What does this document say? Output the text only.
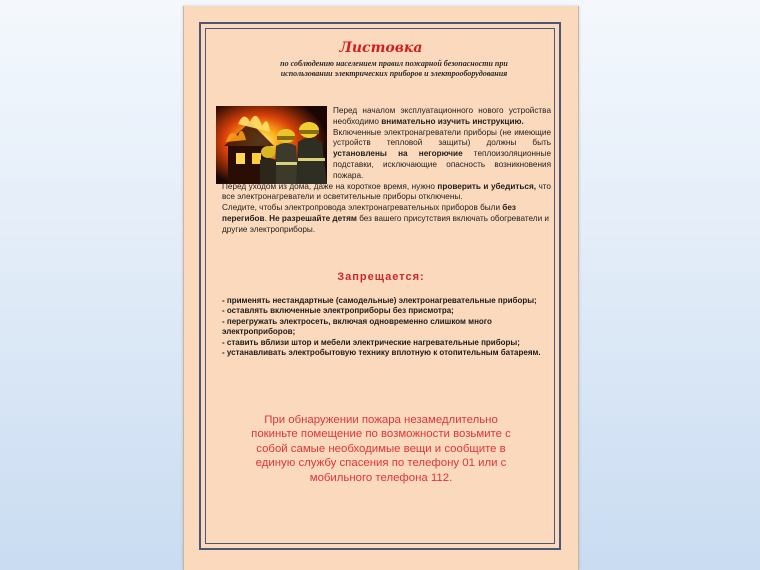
Листовка
по соблюдению населением правил пожарной безопасности при использовании электрических приборов и электрооборудования

Перед началом эксплуатационного нового устройства необходимо внимательно изучить инструкцию.

Включенные электронагреватели приборы (не имеющие устройств тепловой защиты) должны быть установлены на негорючие теплоизоляционные подставки, исключающие опасность возникновения пожара.

Перед уходом из дома, даже на короткое время, нужно проверить и убедиться, что все электронагреватели и осветительные приборы отключены.

Следите, чтобы электропровода электронагревательных приборов были без перегибов. Не разрешайте детям без вашего присутствия включать обогреватели и другие электроприборы.

Запрещается:

- применять нестандартные (самодельные) электронагревательные приборы;

- оставлять включенные электроприборы без присмотра;

- перегружать электросеть, включая одновременно слишком много электроприборов;

- ставить вблизи штор и мебели электрические нагревательные приборы;

- устанавливать электробытовую технику вплотную к отопительным батареям.

При обнаружении пожара незамедлительно покиньте помещение по возможности возьмите с собой самые необходимые вещи и сообщите в единую службу спасения по телефону 01 или с мобильного телефона 112.
